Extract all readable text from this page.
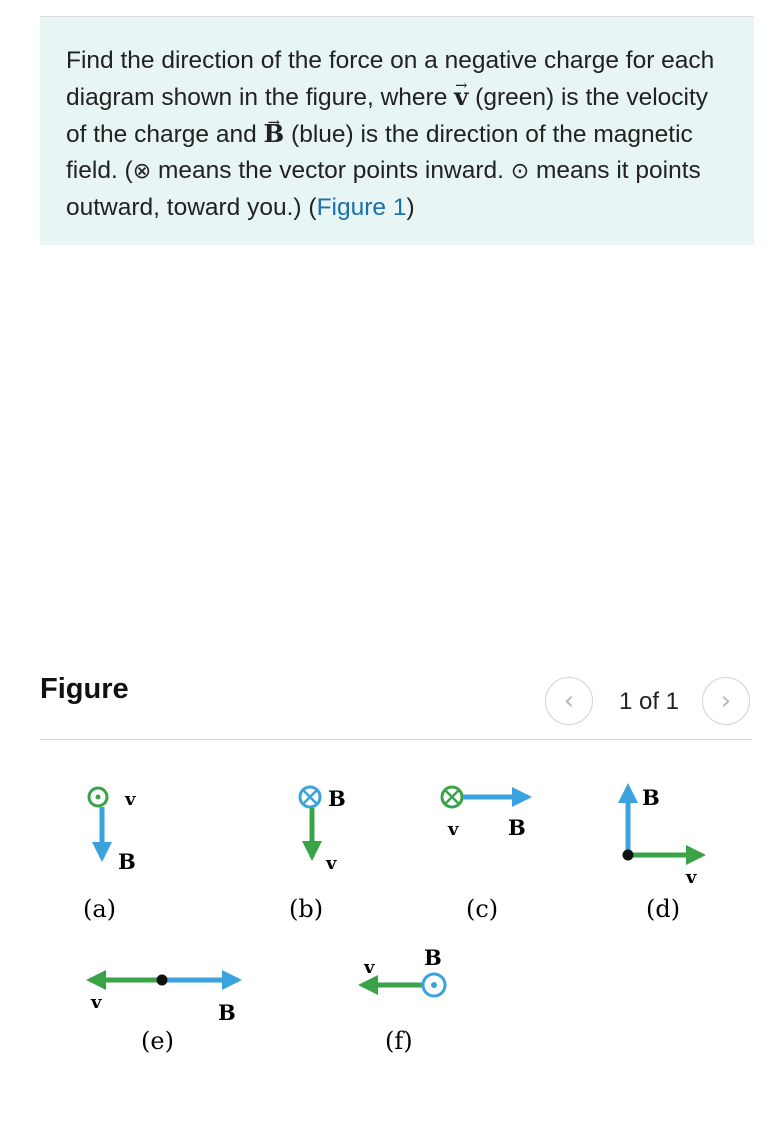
Find the direction of the force on a negative charge for each diagram shown in the figure, where → v (green) is the velocity of the charge and → B (blue) is the direction of the magnetic field. (⊗ means the vector points inward. ⊙ means it points outward, toward you.) (Figure 1)

Figure	‹	1 of 1	›
v
B
(a)
B
v
(b)
v B
(c)
B
v
(d)
v	B
(e)
B
v
(f)
